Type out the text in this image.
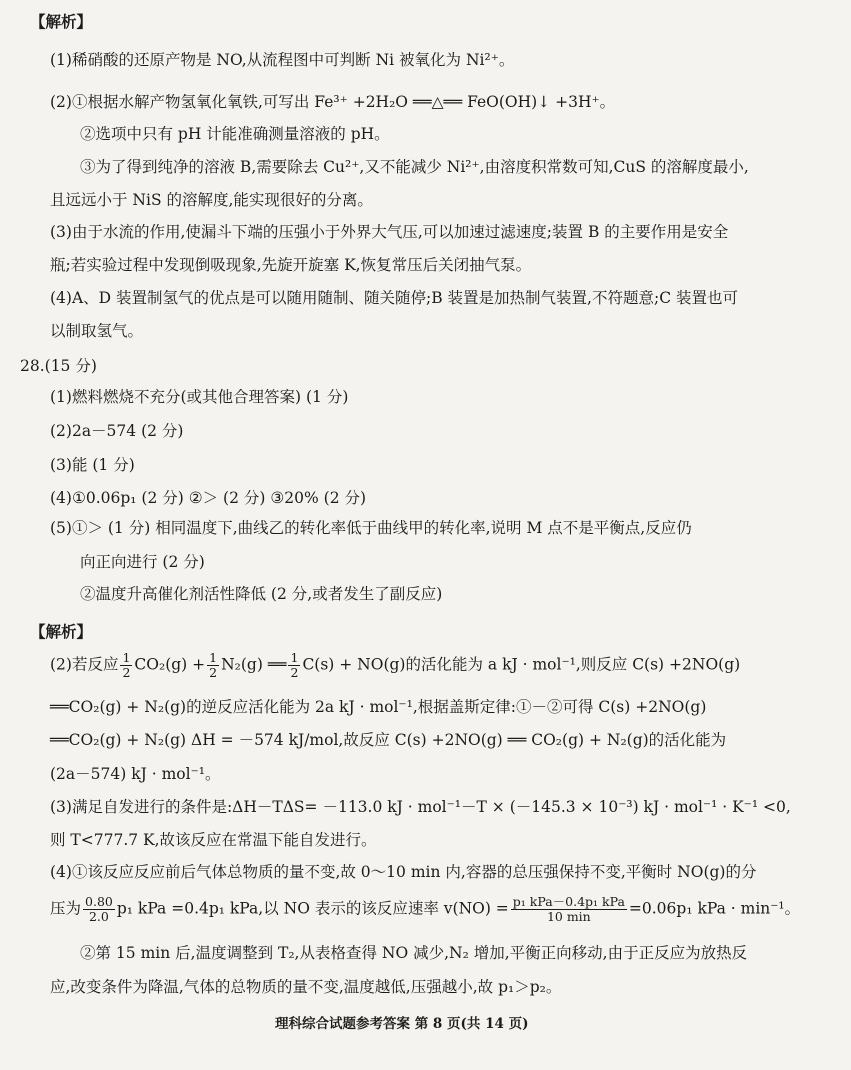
【解析】
(1)稀硝酸的还原产物是 NO,从流程图中可判断 Ni 被氧化为 Ni²⁺。
(2)①根据水解产物氢氧化氧铁,可写出 Fe³⁺ +2H₂O ══△══ FeO(OH)↓ +3H⁺。
②选项中只有 pH 计能准确测量溶液的 pH。
③为了得到纯净的溶液 B,需要除去 Cu²⁺,又不能减少 Ni²⁺,由溶度积常数可知,CuS 的溶解度最小,
且远远小于 NiS 的溶解度,能实现很好的分离。
(3)由于水流的作用,使漏斗下端的压强小于外界大气压,可以加速过滤速度;装置 B 的主要作用是安全
瓶;若实验过程中发现倒吸现象,先旋开旋塞 K,恢复常压后关闭抽气泵。
(4)A、D 装置制氢气的优点是可以随用随制、随关随停;B 装置是加热制气装置,不符题意;C 装置也可
以制取氢气。
28.(15 分)
(1)燃料燃烧不充分(或其他合理答案) (1 分)
(2)2a－574 (2 分)
(3)能 (1 分)
(4)①0.06p₁ (2 分) ②＞ (2 分) ③20% (2 分)
(5)①＞ (1 分) 相同温度下,曲线乙的转化率低于曲线甲的转化率,说明 M 点不是平衡点,反应仍
向正向进行 (2 分)
②温度升高催化剂活性降低 (2 分,或者发生了副反应)
【解析】
(2)若反应 $\frac{1}{2} CO_2(g) + \frac{1}{2} N_2(g)$ ══ $\frac{1}{2} C(s) + NO(g)$的活化能为 a kJ · mol⁻¹,则反应 C(s) +2NO(g)
══CO₂(g) + N₂(g)的逆反应活化能为 2a kJ · mol⁻¹,根据盖斯定律:①－②可得 C(s) +2NO(g)
══CO₂(g) + N₂(g) ΔH = －574 kJ/mol,故反应 C(s) +2NO(g) ══ CO₂(g) + N₂(g)的活化能为
(2a－574) kJ · mol⁻¹。
(3)满足自发进行的条件是:ΔH－TΔS= －113.0 kJ · mol⁻¹－T × (－145.3 × 10⁻³) kJ · mol⁻¹ · K⁻¹ <0,
则 T<777.7 K,故该反应在常温下能自发进行。
(4)①该反应反应前后气体总物质的量不变,故 0～10 min 内,容器的总压强保持不变,平衡时 NO(g)的分
压为 $\frac{0.80}{2.0} p_1$ kPa =0.4p₁ kPa,以 NO 表示的该反应速率 $v(NO) = \frac{\text{p₁ kPa－0.4p₁ kPa}}{10 \min} =0.06p_1$ kPa · min⁻¹。
②第 15 min 后,温度调整到 T₂,从表格查得 NO 减少,N₂ 增加,平衡正向移动,由于正反应为放热反
应,改变条件为降温,气体的总物质的量不变,温度越低,压强越小,故 p₁＞p₂。
理科综合试题参考答案 第 8 页(共 14 页)
